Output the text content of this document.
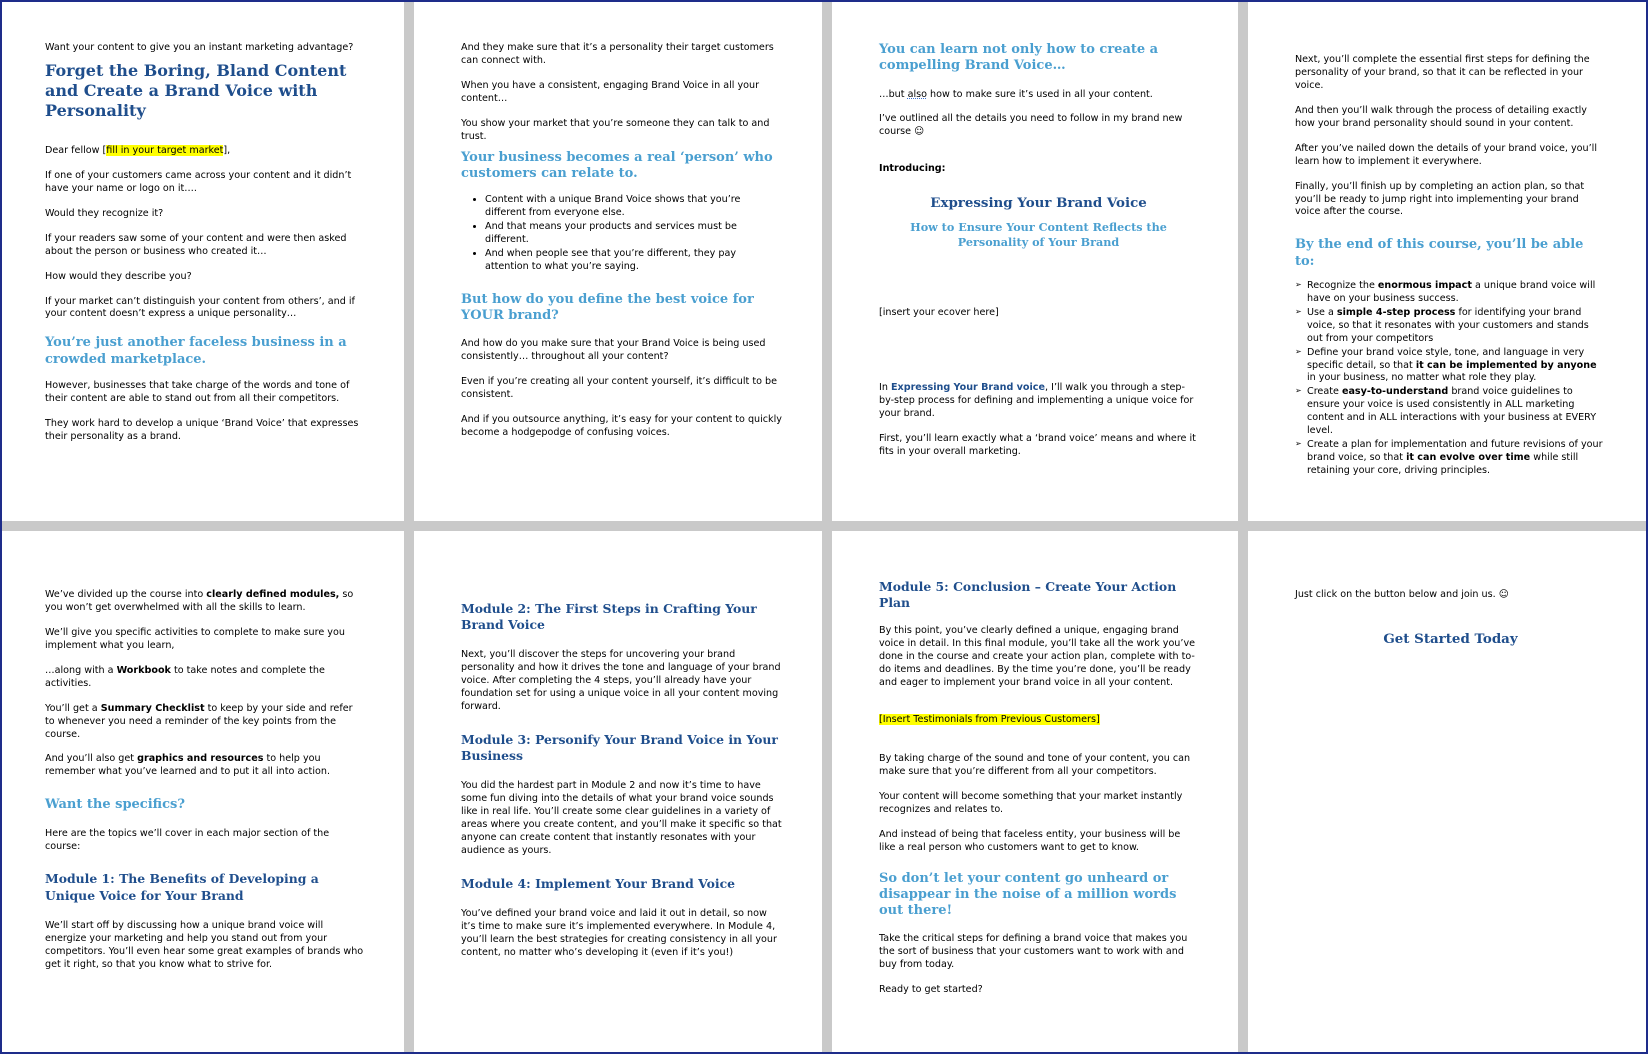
Want your content to give you an instant marketing advantage?

Forget the Boring, Bland Content and Create a Brand Voice with Personality

Dear fellow [fill in your target market],

If one of your customers came across your content and it didn’t have your name or logo on it….

Would they recognize it?

If your readers saw some of your content and were then asked about the person or business who created it…

How would they describe you?

If your market can’t distinguish your content from others’, and if your content doesn’t express a unique personality…

You’re just another faceless business in a crowded marketplace.

However, businesses that take charge of the words and tone of their content are able to stand out from all their competitors.

They work hard to develop a unique ‘Brand Voice’ that expresses their personality as a brand.

And they make sure that it’s a personality their target customers can connect with.

When you have a consistent, engaging Brand Voice in all your content…

You show your market that you’re someone they can talk to and trust.

Your business becomes a real ‘person’ who customers can relate to.
• Content with a unique Brand Voice shows that you’re different from everyone else.
• And that means your products and services must be different.
• And when people see that you’re different, they pay attention to what you’re saying.
But how do you define the best voice for YOUR brand?

And how do you make sure that your Brand Voice is being used consistently… throughout all your content?

Even if you’re creating all your content yourself, it’s difficult to be consistent.

And if you outsource anything, it’s easy for your content to quickly become a hodgepodge of confusing voices.

You can learn not only how to create a compelling Brand Voice…

…but also how to make sure it’s used in all your content.

I’ve outlined all the details you need to follow in my brand new course ☺

Introducing:

Expressing Your Brand Voice
How to Ensure Your Content Reflects the Personality of Your Brand

[insert your ecover here]

In Expressing Your Brand voice, I’ll walk you through a step-by-step process for defining and implementing a unique voice for your brand.

First, you’ll learn exactly what a ‘brand voice’ means and where it fits in your overall marketing.

Next, you’ll complete the essential first steps for defining the personality of your brand, so that it can be reflected in your voice.

And then you’ll walk through the process of detailing exactly how your brand personality should sound in your content.

After you’ve nailed down the details of your brand voice, you’ll learn how to implement it everywhere.

Finally, you’ll finish up by completing an action plan, so that you’ll be ready to jump right into implementing your brand voice after the course.

By the end of this course, you’ll be able to:
➢ Recognize the enormous impact a unique brand voice will have on your business success.
➢ Use a simple 4-step process for identifying your brand voice, so that it resonates with your customers and stands out from your competitors
➢ Define your brand voice style, tone, and language in very specific detail, so that it can be implemented by anyone in your business, no matter what role they play.
➢ Create easy-to-understand brand voice guidelines to ensure your voice is used consistently in ALL marketing content and in ALL interactions with your business at EVERY level.
➢ Create a plan for implementation and future revisions of your brand voice, so that it can evolve over time while still retaining your core, driving principles.

We’ve divided up the course into clearly defined modules, so you won’t get overwhelmed with all the skills to learn.

We’ll give you specific activities to complete to make sure you implement what you learn,

…along with a Workbook to take notes and complete the activities.

You’ll get a Summary Checklist to keep by your side and refer to whenever you need a reminder of the key points from the course.

And you’ll also get graphics and resources to help you remember what you’ve learned and to put it all into action.

Want the specifics?

Here are the topics we’ll cover in each major section of the course:

Module 1: The Benefits of Developing a Unique Voice for Your Brand

We’ll start off by discussing how a unique brand voice will energize your marketing and help you stand out from your competitors. You’ll even hear some great examples of brands who get it right, so that you know what to strive for.

Module 2: The First Steps in Crafting Your Brand Voice

Next, you’ll discover the steps for uncovering your brand personality and how it drives the tone and language of your brand voice. After completing the 4 steps, you’ll already have your foundation set for using a unique voice in all your content moving forward.

Module 3: Personify Your Brand Voice in Your Business

You did the hardest part in Module 2 and now it’s time to have some fun diving into the details of what your brand voice sounds like in real life. You’ll create some clear guidelines in a variety of areas where you create content, and you’ll make it specific so that anyone can create content that instantly resonates with your audience as yours.

Module 4: Implement Your Brand Voice

You’ve defined your brand voice and laid it out in detail, so now it’s time to make sure it’s implemented everywhere. In Module 4, you’ll learn the best strategies for creating consistency in all your content, no matter who’s developing it (even if it’s you!)

Module 5: Conclusion – Create Your Action Plan

By this point, you’ve clearly defined a unique, engaging brand voice in detail. In this final module, you’ll take all the work you’ve done in the course and create your action plan, complete with to-do items and deadlines. By the time you’re done, you’ll be ready and eager to implement your brand voice in all your content.

[Insert Testimonials from Previous Customers]

By taking charge of the sound and tone of your content, you can make sure that you’re different from all your competitors.

Your content will become something that your market instantly recognizes and relates to.

And instead of being that faceless entity, your business will be like a real person who customers want to get to know.

So don’t let your content go unheard or disappear in the noise of a million words out there!

Take the critical steps for defining a brand voice that makes you the sort of business that your customers want to work with and buy from today.

Ready to get started?

Just click on the button below and join us. ☺

Get Started Today
